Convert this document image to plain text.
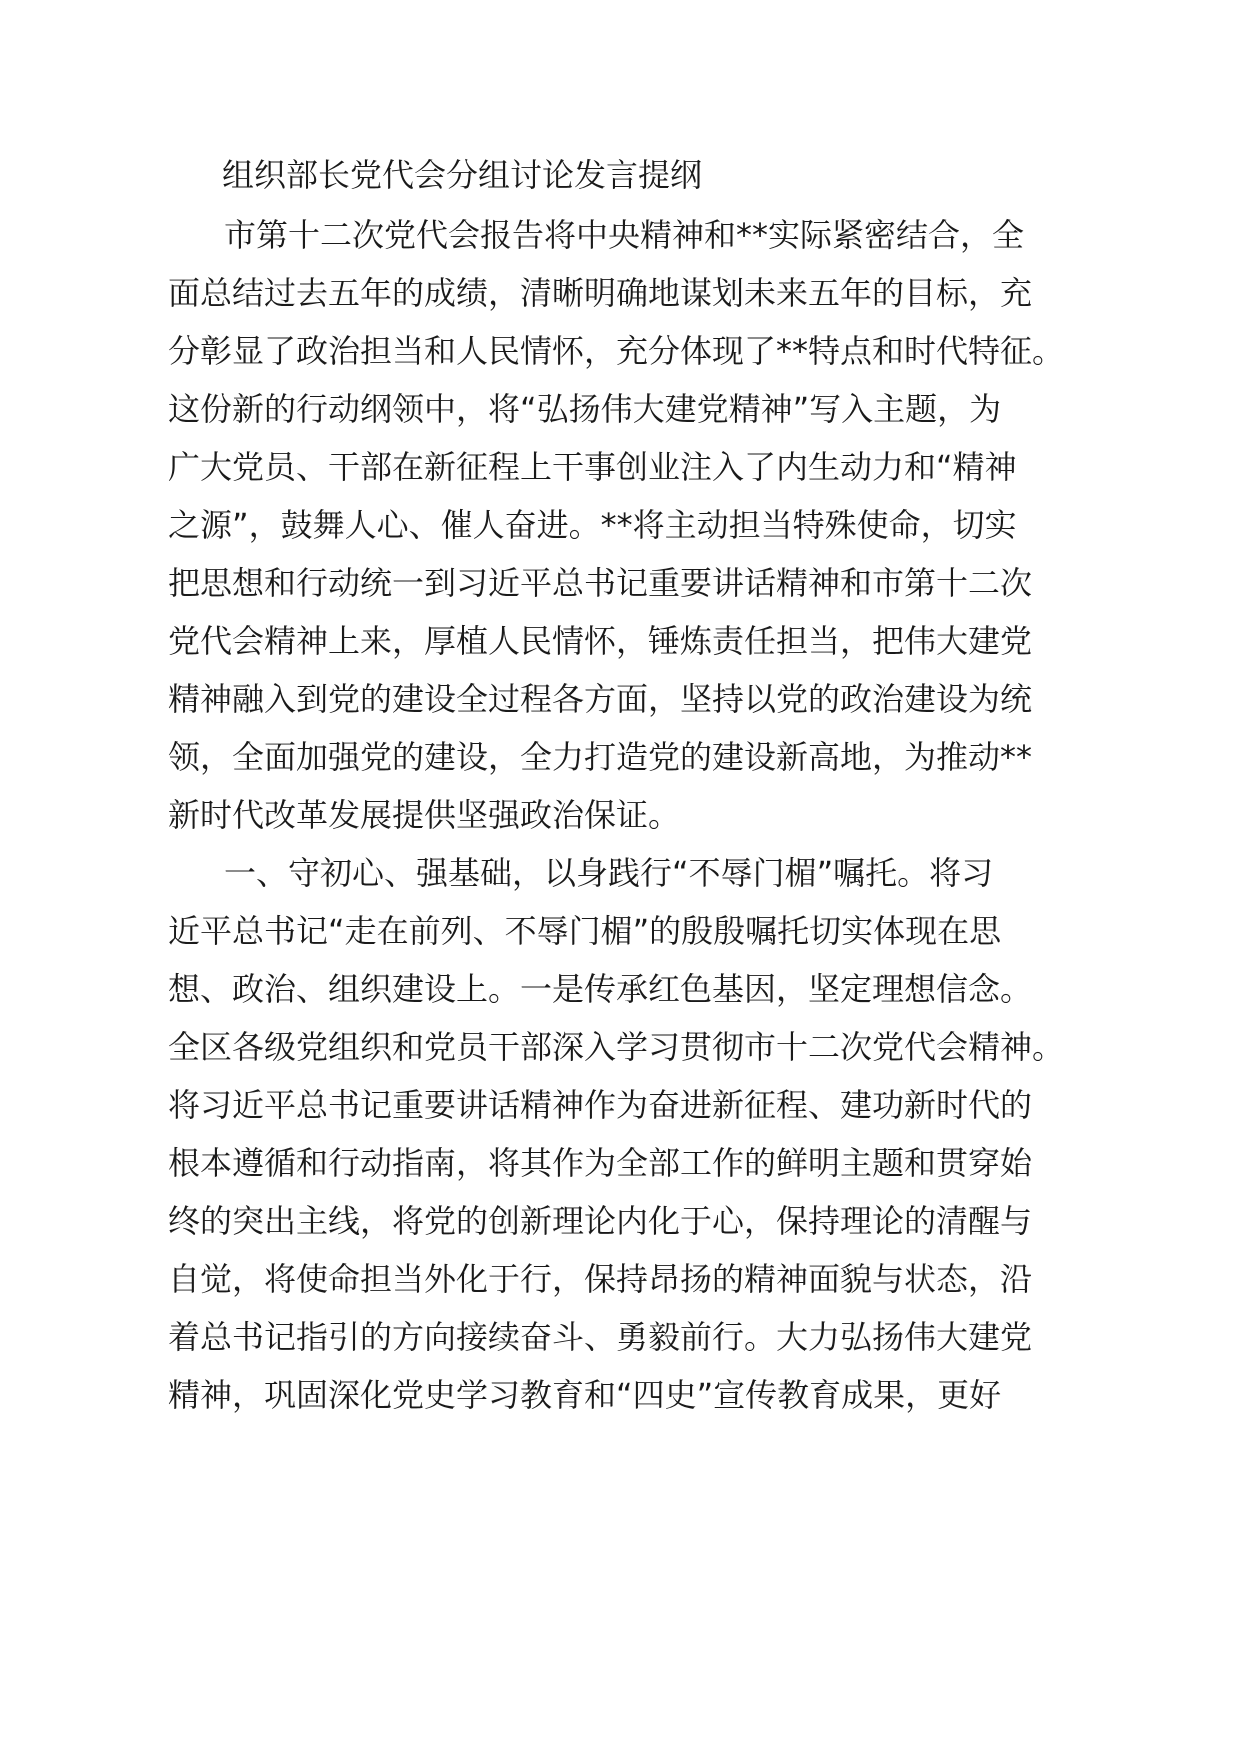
组织部长党代会分组讨论发言提纲

市第十二次党代会报告将中央精神和**实际紧密结合，全

面总结过去五年的成绩，清晰明确地谋划未来五年的目标，充

分彰显了政治担当和人民情怀，充分体现了**特点和时代特征。

这份新的行动纲领中，将“弘扬伟大建党精神”写入主题，为

广大党员、干部在新征程上干事创业注入了内生动力和“精神

之源”，鼓舞人心、催人奋进。**将主动担当特殊使命，切实

把思想和行动统一到习近平总书记重要讲话精神和市第十二次

党代会精神上来，厚植人民情怀，锤炼责任担当，把伟大建党

精神融入到党的建设全过程各方面，坚持以党的政治建设为统

领，全面加强党的建设，全力打造党的建设新高地，为推动**

新时代改革发展提供坚强政治保证。

一、守初心、强基础，以身践行“不辱门楣”嘱托。将习

近平总书记“走在前列、不辱门楣”的殷殷嘱托切实体现在思

想、政治、组织建设上。一是传承红色基因，坚定理想信念。

全区各级党组织和党员干部深入学习贯彻市十二次党代会精神。

将习近平总书记重要讲话精神作为奋进新征程、建功新时代的

根本遵循和行动指南，将其作为全部工作的鲜明主题和贯穿始

终的突出主线，将党的创新理论内化于心，保持理论的清醒与

自觉，将使命担当外化于行，保持昂扬的精神面貌与状态，沿

着总书记指引的方向接续奋斗、勇毅前行。大力弘扬伟大建党

精神，巩固深化党史学习教育和“四史”宣传教育成果，更好
